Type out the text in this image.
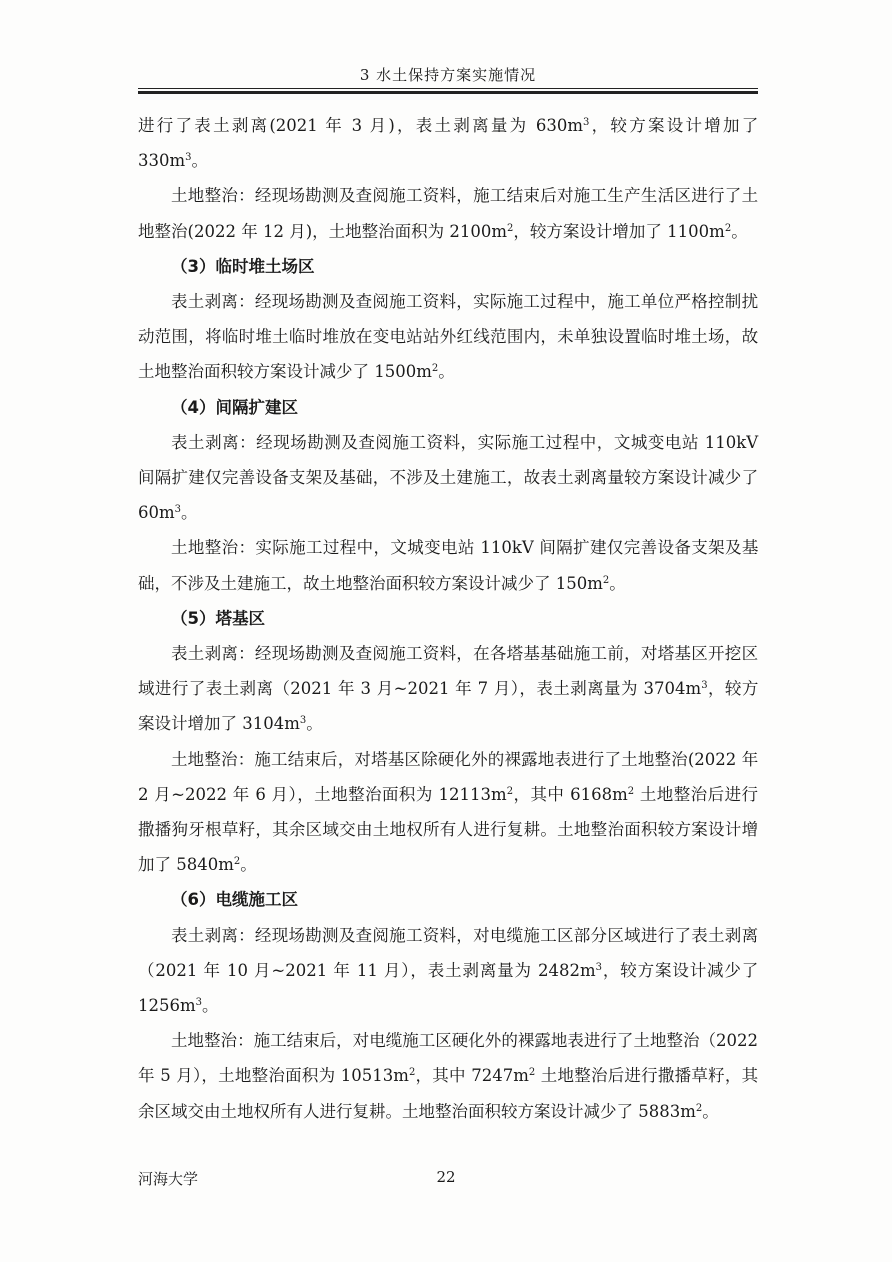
3 水土保持方案实施情况

进行了表土剥离(2021 年 3 月)，表土剥离量为 $630m^3$，较方案设计增加了 $330m^3$。

土地整治：经现场勘测及查阅施工资料，施工结束后对施工生产生活区进行了土地整治(2022 年 12 月)，土地整治面积为 $2100m^2$，较方案设计增加了 $1100m^2$。

（3）临时堆土场区

表土剥离：经现场勘测及查阅施工资料，实际施工过程中，施工单位严格控制扰动范围，将临时堆土临时堆放在变电站站外红线范围内，未单独设置临时堆土场，故土地整治面积较方案设计减少了 $1500m^2$。

（4）间隔扩建区

表土剥离：经现场勘测及查阅施工资料，实际施工过程中，文城变电站 110kV 间隔扩建仅完善设备支架及基础，不涉及土建施工，故表土剥离量较方案设计减少了 $60m^3$。

土地整治：实际施工过程中，文城变电站 110kV 间隔扩建仅完善设备支架及基础，不涉及土建施工，故土地整治面积较方案设计减少了 $150m^2$。

（5）塔基区

表土剥离：经现场勘测及查阅施工资料，在各塔基基础施工前，对塔基区开挖区域进行了表土剥离（2021 年 3 月~2021 年 7 月），表土剥离量为 $3704m^3$，较方案设计增加了 $3104m^3$。

土地整治：施工结束后，对塔基区除硬化外的裸露地表进行了土地整治(2022 年 2 月~2022 年 6 月），土地整治面积为 $12113m^2$，其中 $6168m^2$ 土地整治后进行撒播狗牙根草籽，其余区域交由土地权所有人进行复耕。土地整治面积较方案设计增加了 $5840m^2$。

（6）电缆施工区

表土剥离：经现场勘测及查阅施工资料，对电缆施工区部分区域进行了表土剥离（2021 年 10 月~2021 年 11 月），表土剥离量为 $2482m^3$，较方案设计减少了 $1256m^3$。

土地整治：施工结束后，对电缆施工区硬化外的裸露地表进行了土地整治（2022 年 5 月），土地整治面积为 $10513m^2$，其中 $7247m^2$ 土地整治后进行撒播草籽，其余区域交由土地权所有人进行复耕。土地整治面积较方案设计减少了 $5883m^2$。

河海大学	22
